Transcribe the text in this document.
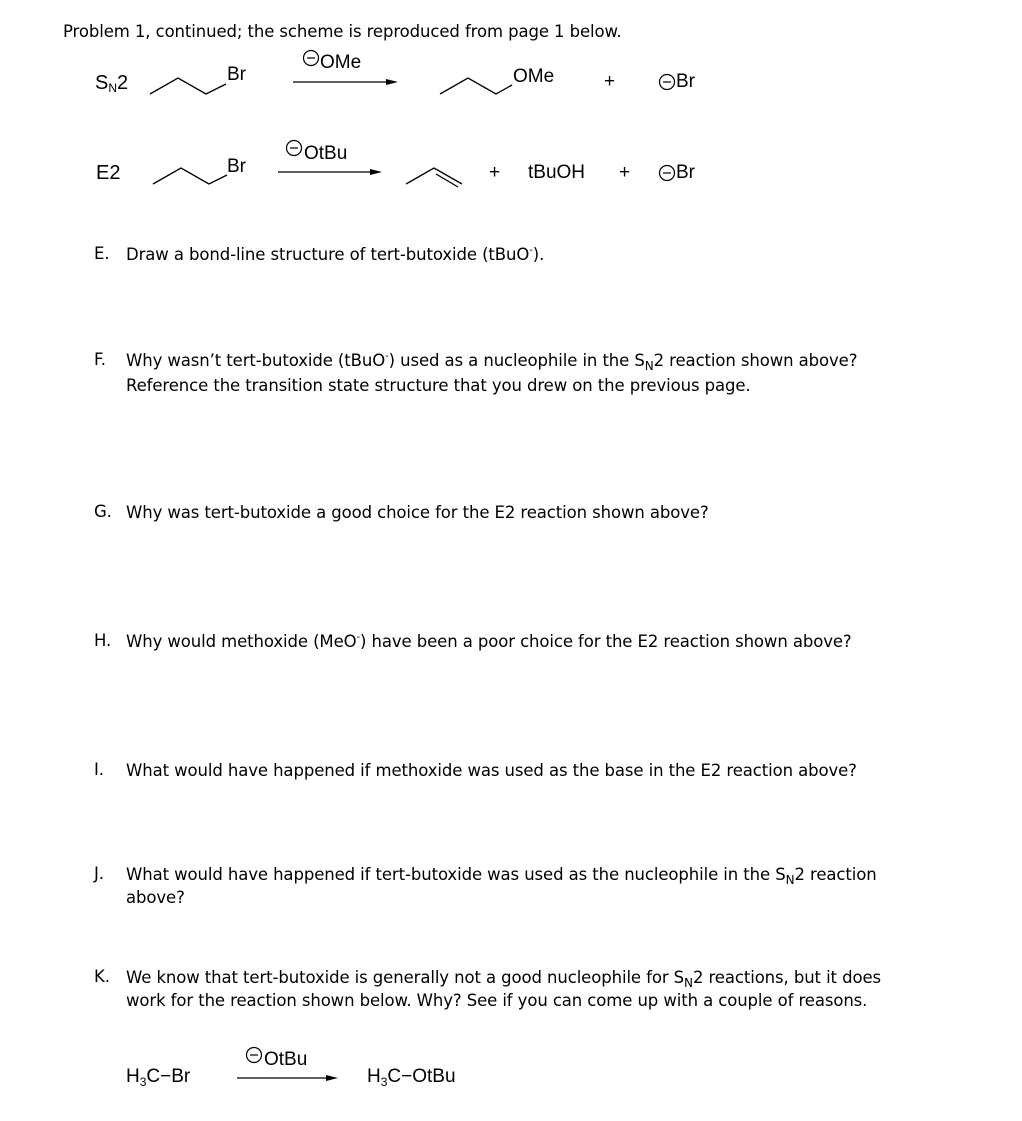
Problem 1, continued; the scheme is reproduced from page 1 below.
SN2	Br
OMe
OMe	+	Br
E2	Br
OtBu
+ tBuOH + Br
E.	Draw a bond-line structure of tert-butoxide (tBuO-).
F.	Why wasn’t tert-butoxide (tBuO-) used as a nucleophile in the $S_N2$ reaction shown above?
Reference the transition state structure that you drew on the previous page.
G. Why was tert-butoxide a good choice for the E2 reaction shown above?
H. Why would methoxide (MeO-) have been a poor choice for the E2 reaction shown above?
I.	What would have happened if methoxide was used as the base in the E2 reaction above?
J.	What would have happened if tert-butoxide was used as the nucleophile in the $S_N2$ reaction
above?
K. We know that tert-butoxide is generally not a good nucleophile for $S_N2$ reactions, but it does
work for the reaction shown below. Why? See if you can come up with a couple of reasons.
$H_3C-Br$
OtBu
$H_3C-OtBu$
